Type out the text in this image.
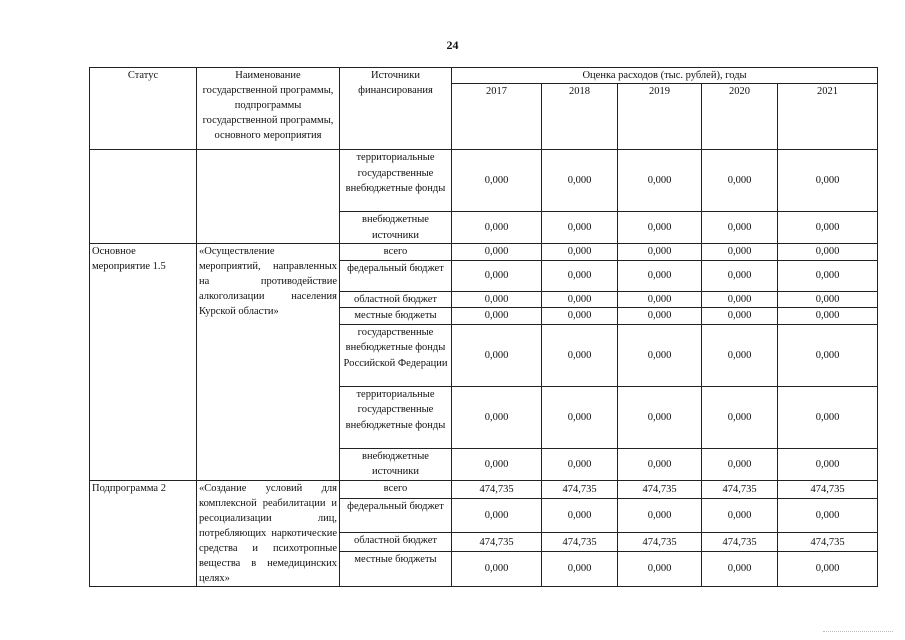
24
Статус	Наименование государственной программы, подпрограммы государственной программы, основного мероприятия	Источники финансирования	Оценка расходов (тыс. рублей), годы				
			2017	2018	2019	2020	2021
		территориальные государственные внебюджетные фонды	0,000	0,000	0,000	0,000	0,000
		внебюджетные источники	0,000	0,000	0,000	0,000	0,000
Основное мероприятие 1.5	«Осуществление мероприятий, направленных на противодействие алкоголизации населения Курской области»	всего	0,000	0,000	0,000	0,000	0,000
		федеральный бюджет	0,000	0,000	0,000	0,000	0,000
		областной бюджет	0,000	0,000	0,000	0,000	0,000
		местные бюджеты	0,000	0,000	0,000	0,000	0,000
		государственные внебюджетные фонды Российской Федерации	0,000	0,000	0,000	0,000	0,000
		территориальные государственные внебюджетные фонды	0,000	0,000	0,000	0,000	0,000
		внебюджетные источники	0,000	0,000	0,000	0,000	0,000
Подпрограмма 2	«Создание условий для комплексной реабилитации и ресоциализации лиц, потребляющих наркотические средства и психотропные вещества в немедицинских целях»	всего	474,735	474,735	474,735	474,735	474,735
		федеральный бюджет	0,000	0,000	0,000	0,000	0,000
		областной бюджет	474,735	474,735	474,735	474,735	474,735
		местные бюджеты	0,000	0,000	0,000	0,000	0,000
